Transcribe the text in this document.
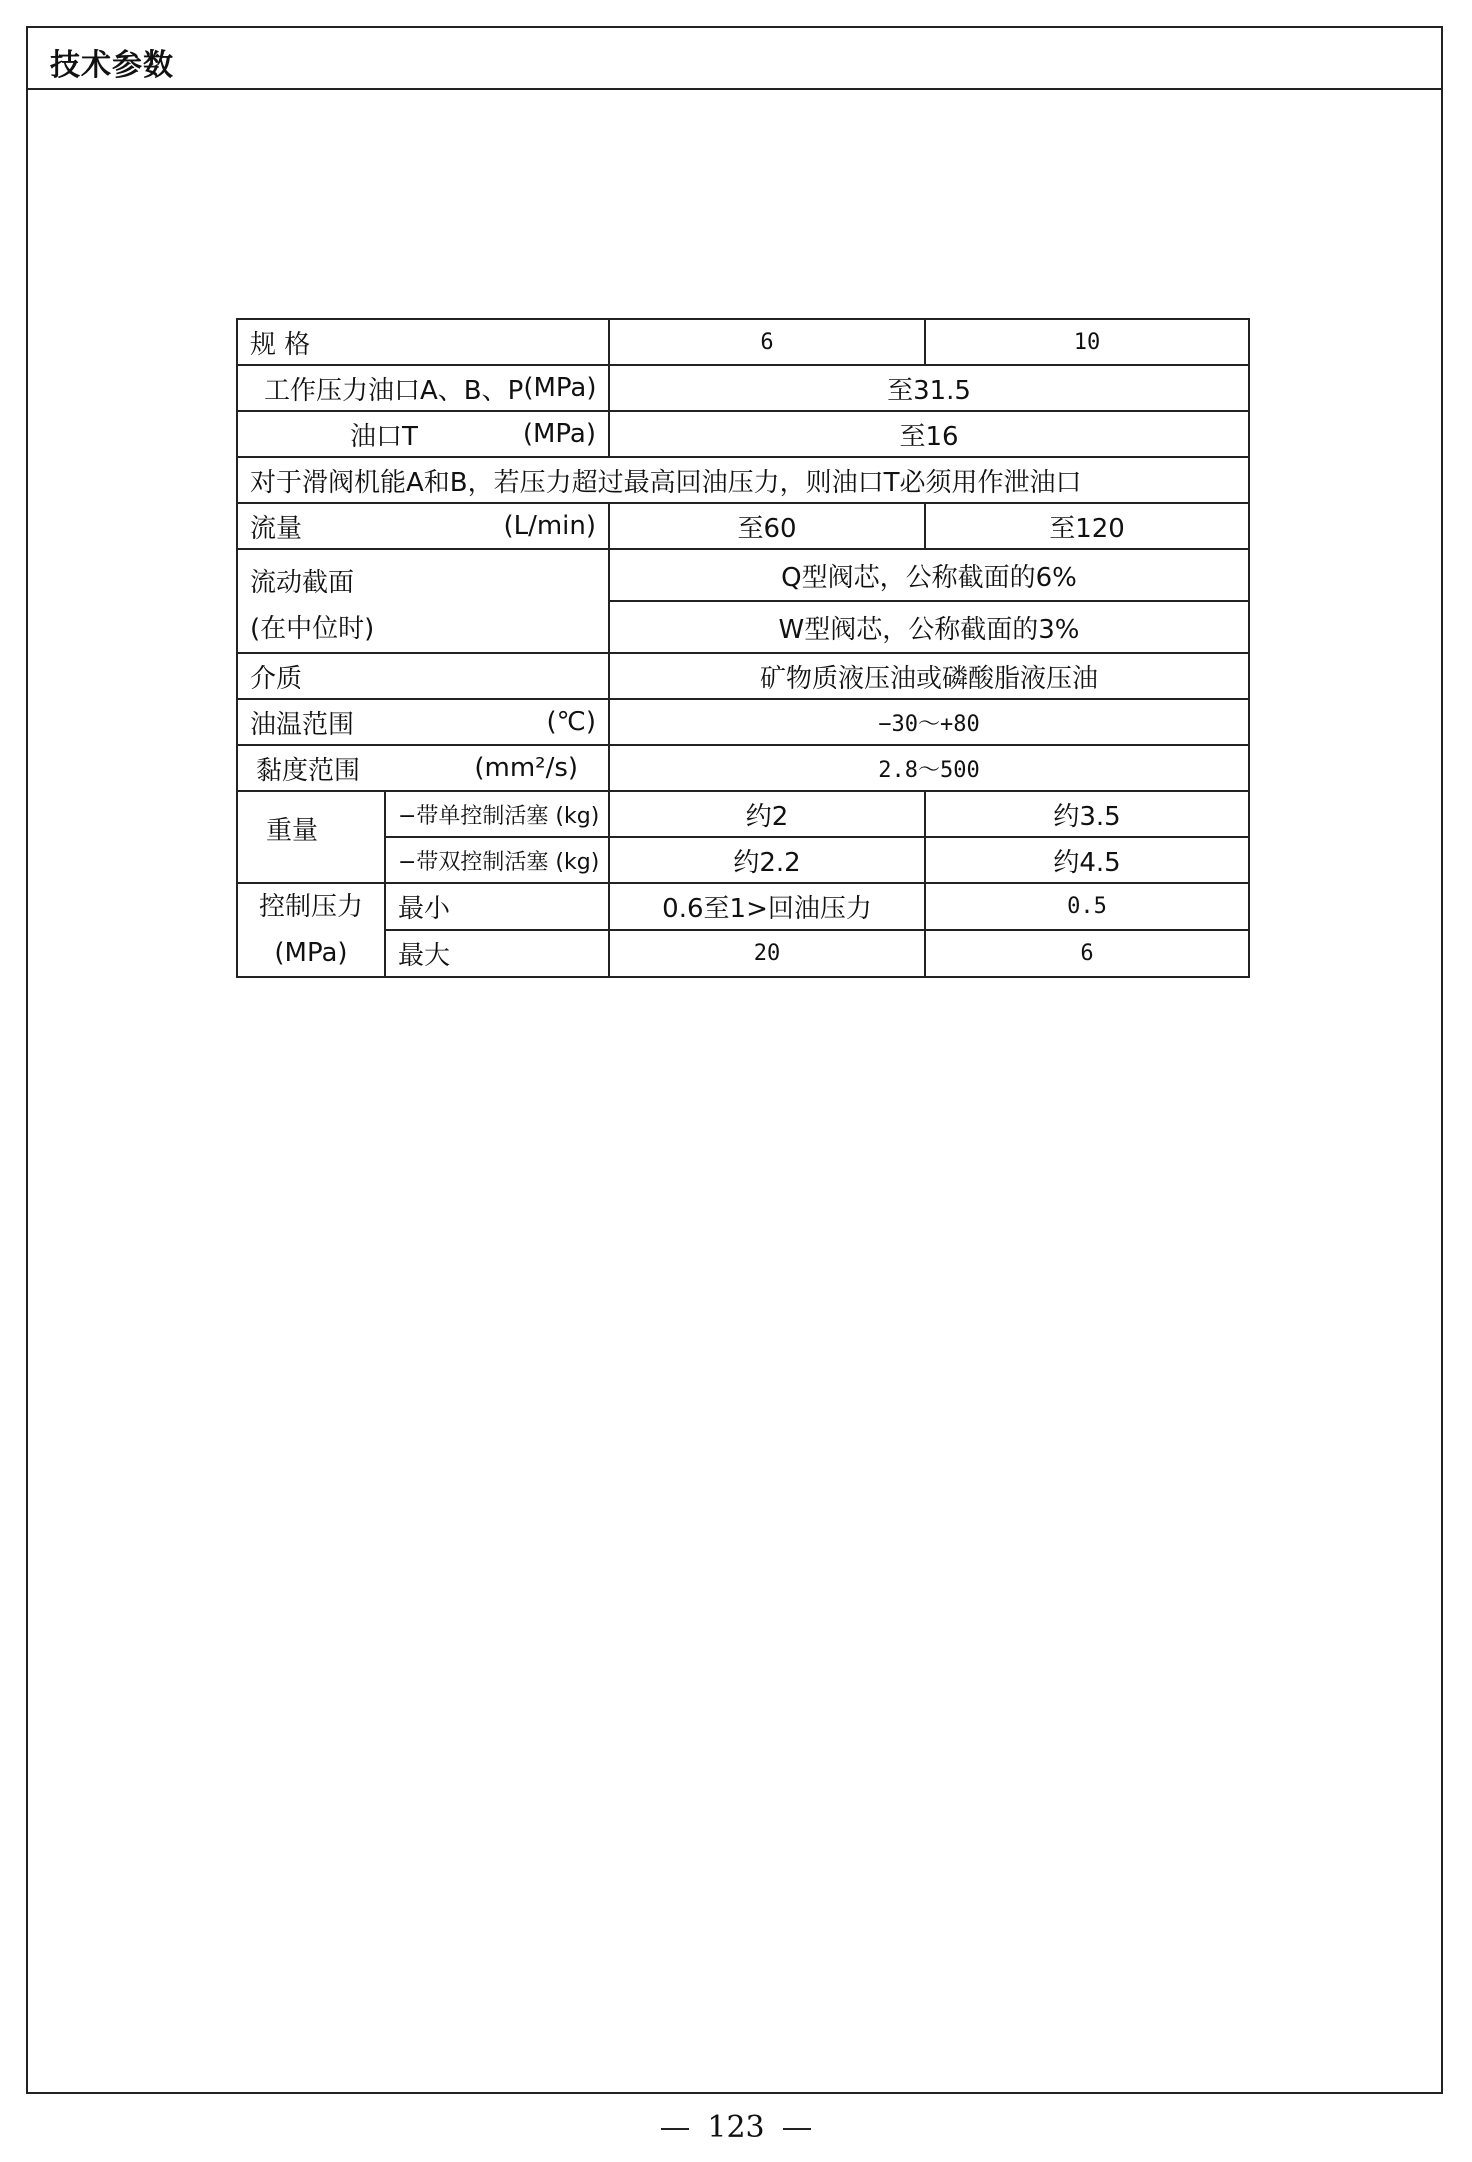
技术参数
规 格		6	10

工作压力油口A、B、P (MPa)		至31.5	

油口T (MPa)		至16	
对于滑阀机能A和B，若压力超过最高回油压力，则油口T必须用作泄油口			

流量 (L/min)		至60	至120

流动截面
(在中位时)		Q型阀芯，公称截面的6%	
		W型阀芯，公称截面的3%	
介质		矿物质液压油或磷酸脂液压油	

油温范围 (℃)		−30～+80	

黏度范围 (mm²/s)		2.8～500	
重量	−带单控制活塞 (kg)	约2	约3.5
	−带双控制活塞 (kg)	约2.2	约4.5

控制压力
(MPa)	最小	0.6至1>回油压力	0.5
	最大	20	6
123
